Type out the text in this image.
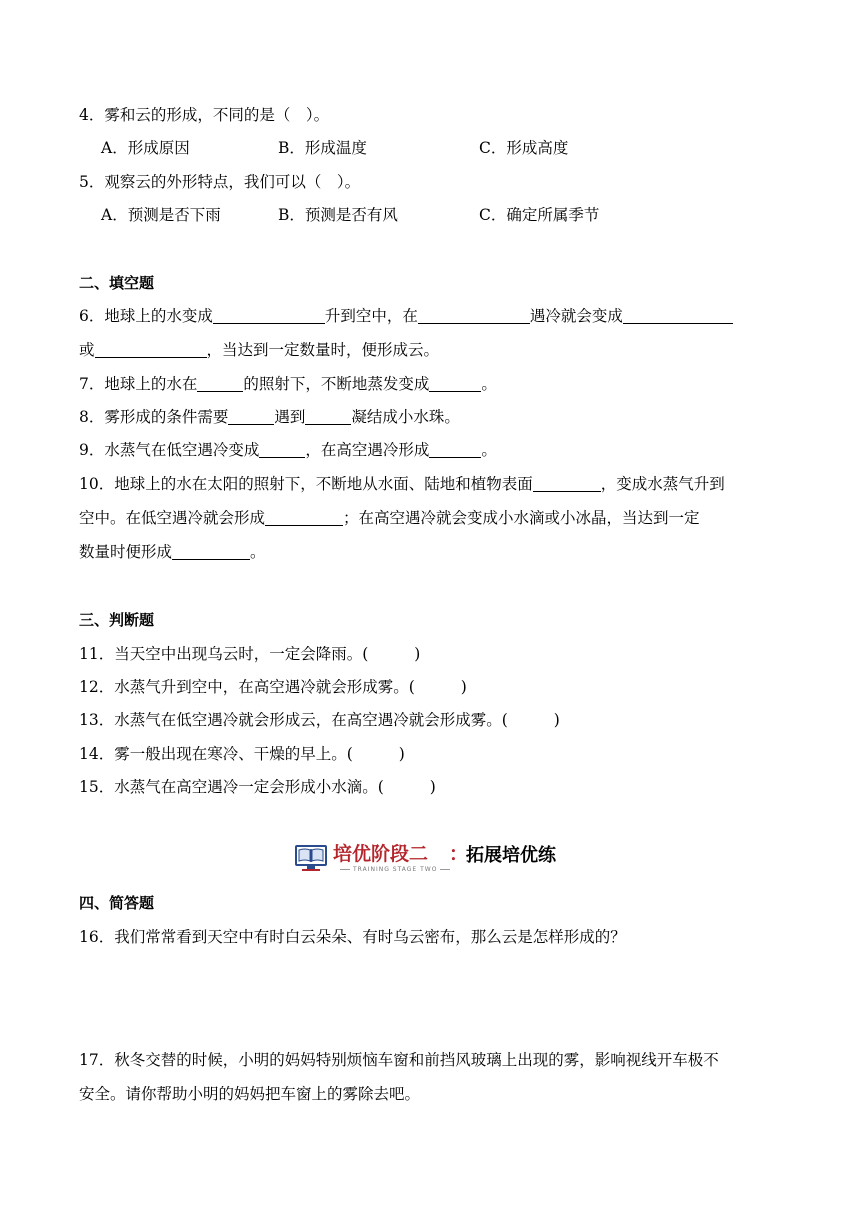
4．雾和云的形成，不同的是（　）。
A．形成原因	B．形成温度	C．形成高度
5．观察云的外形特点，我们可以（　）。
A．预测是否下雨	B．预测是否有风	C．确定所属季节
二、填空题
6．地球上的水变成	升到空中，在	遇冷就会变成
或	，当达到一定数量时，便形成云。
7．地球上的水在	的照射下，不断地蒸发变成	。
8．雾形成的条件需要	遇到	凝结成小水珠。
9．水蒸气在低空遇冷变成	，在高空遇冷形成	。
10．地球上的水在太阳的照射下，不断地从水面、陆地和植物表面	，变成水蒸气升到
空中。在低空遇冷就会形成	；在高空遇冷就会变成小水滴或小冰晶，当达到一定
数量时便形成	。
三、判断题
11．当天空中出现乌云时，一定会降雨。(	)
12．水蒸气升到空中，在高空遇冷就会形成雾。(	)
13．水蒸气在低空遇冷就会形成云，在高空遇冷就会形成雾。(	)
14．雾一般出现在寒冷、干燥的早上。(	)
15．水蒸气在高空遇冷一定会形成小水滴。(	)
培优阶段二
TRAINING STAGE TWO
：
拓展培优练
四、简答题
16．我们常常看到天空中有时白云朵朵、有时乌云密布，那么云是怎样形成的？
17．秋冬交替的时候，小明的妈妈特别烦恼车窗和前挡风玻璃上出现的雾，影响视线开车极不
安全。请你帮助小明的妈妈把车窗上的雾除去吧。
